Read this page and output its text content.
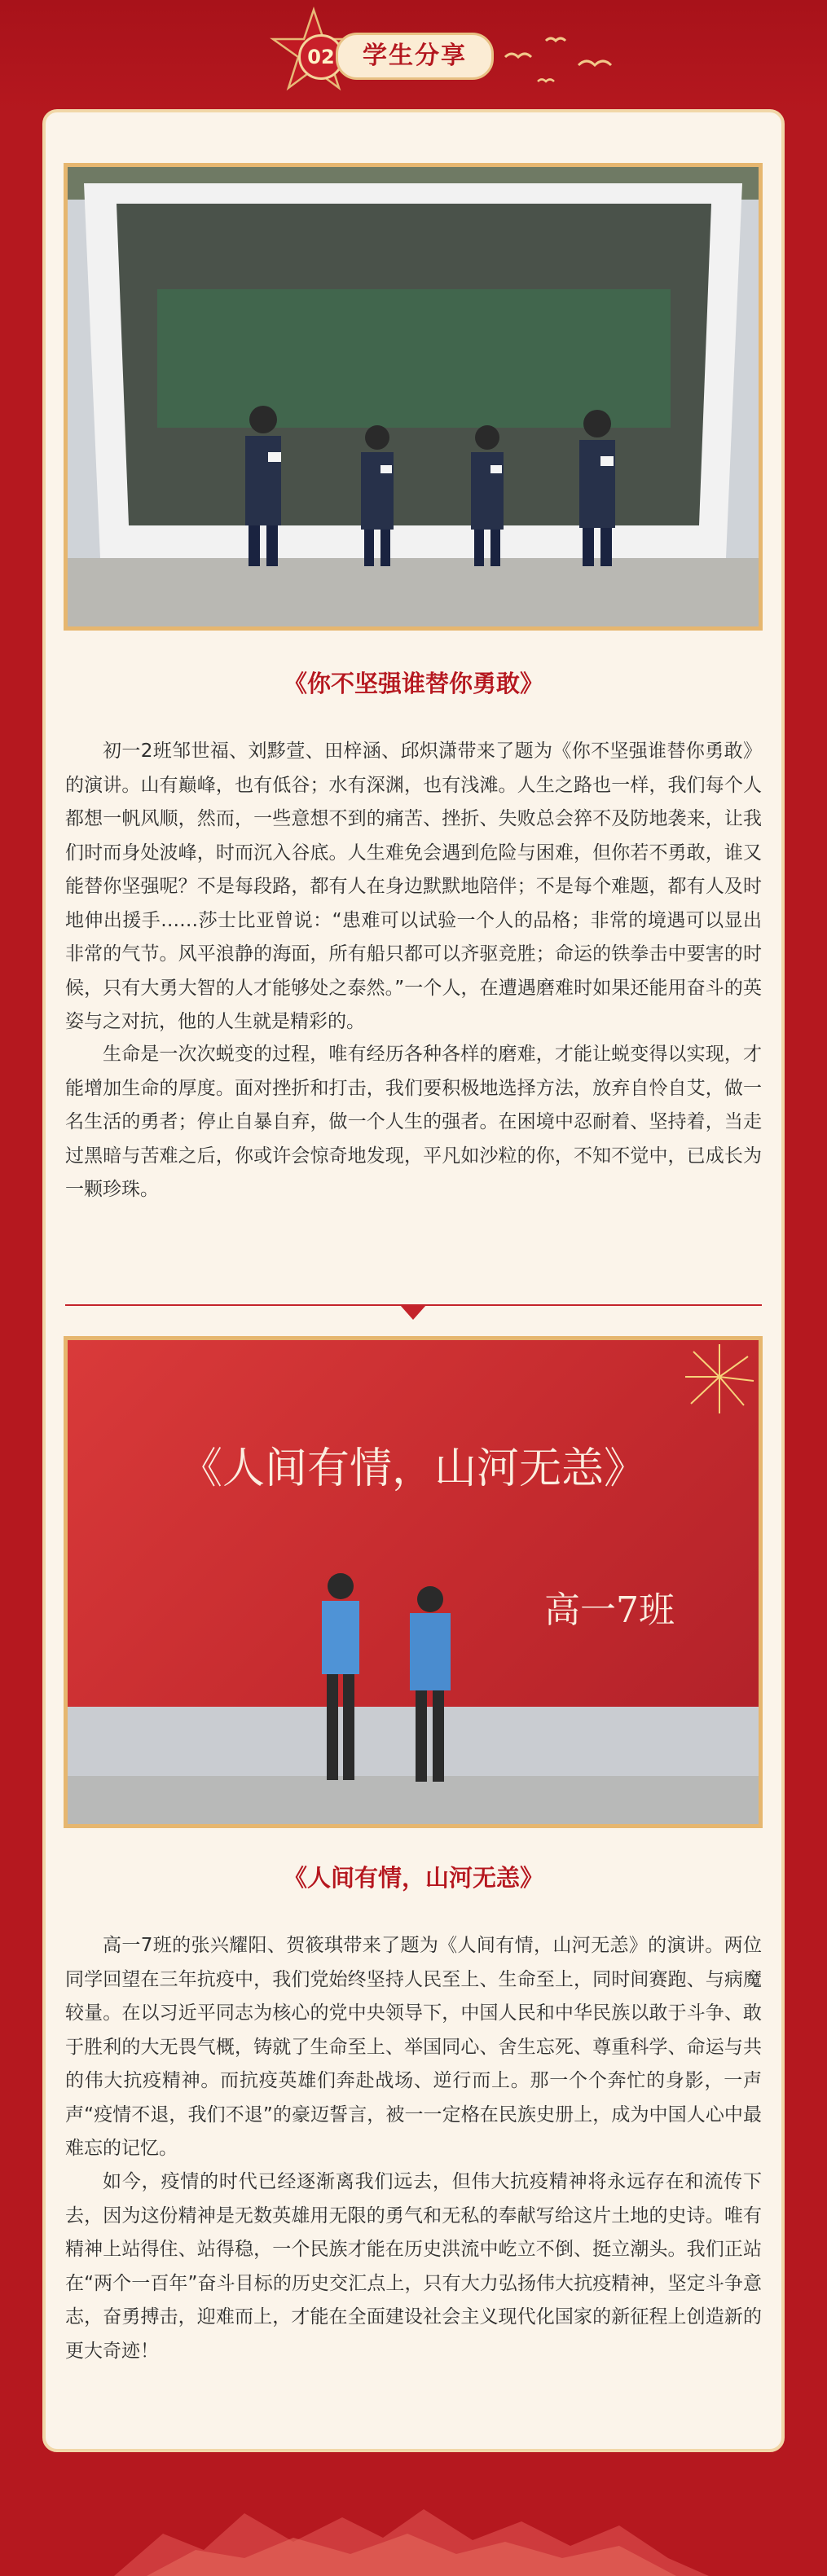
02	学生分享
《你不坚强谁替你勇敢》

初一2班邹世福、刘黟萱、田梓涵、邱炽潇带来了题为《你不坚强谁替你勇敢》的演讲。山有巅峰，也有低谷；水有深渊，也有浅滩。人生之路也一样，我们每个人都想一帆风顺，然而，一些意想不到的痛苦、挫折、失败总会猝不及防地袭来，让我们时而身处波峰，时而沉入谷底。人生难免会遇到危险与困难，但你若不勇敢，谁又能替你坚强呢？不是每段路，都有人在身边默默地陪伴；不是每个难题，都有人及时地伸出援手……莎士比亚曾说：“患难可以试验一个人的品格；非常的境遇可以显出非常的气节。风平浪静的海面，所有船只都可以齐驱竞胜；命运的铁拳击中要害的时候，只有大勇大智的人才能够处之泰然。”一个人，在遭遇磨难时如果还能用奋斗的英姿与之对抗，他的人生就是精彩的。

生命是一次次蜕变的过程，唯有经历各种各样的磨难，才能让蜕变得以实现，才能增加生命的厚度。面对挫折和打击，我们要积极地选择方法，放弃自怜自艾，做一名生活的勇者；停止自暴自弃，做一个人生的强者。在困境中忍耐着、坚持着，当走过黑暗与苦难之后，你或许会惊奇地发现，平凡如沙粒的你，不知不觉中，已成长为一颗珍珠。

《人间有情，山河无恙》
高一7班
《人间有情，山河无恙》

高一7班的张兴耀阳、贺筱琪带来了题为《人间有情，山河无恙》的演讲。两位同学回望在三年抗疫中，我们党始终坚持人民至上、生命至上，同时间赛跑、与病魔较量。在以习近平同志为核心的党中央领导下，中国人民和中华民族以敢于斗争、敢于胜利的大无畏气概，铸就了生命至上、举国同心、舍生忘死、尊重科学、命运与共的伟大抗疫精神。而抗疫英雄们奔赴战场、逆行而上。那一个个奔忙的身影，一声声“疫情不退，我们不退”的豪迈誓言，被一一定格在民族史册上，成为中国人心中最难忘的记忆。

如今，疫情的时代已经逐渐离我们远去，但伟大抗疫精神将永远存在和流传下去，因为这份精神是无数英雄用无限的勇气和无私的奉献写给这片土地的史诗。唯有精神上站得住、站得稳，一个民族才能在历史洪流中屹立不倒、挺立潮头。我们正站在“两个一百年”奋斗目标的历史交汇点上，只有大力弘扬伟大抗疫精神，坚定斗争意志，奋勇搏击，迎难而上，才能在全面建设社会主义现代化国家的新征程上创造新的更大奇迹！
